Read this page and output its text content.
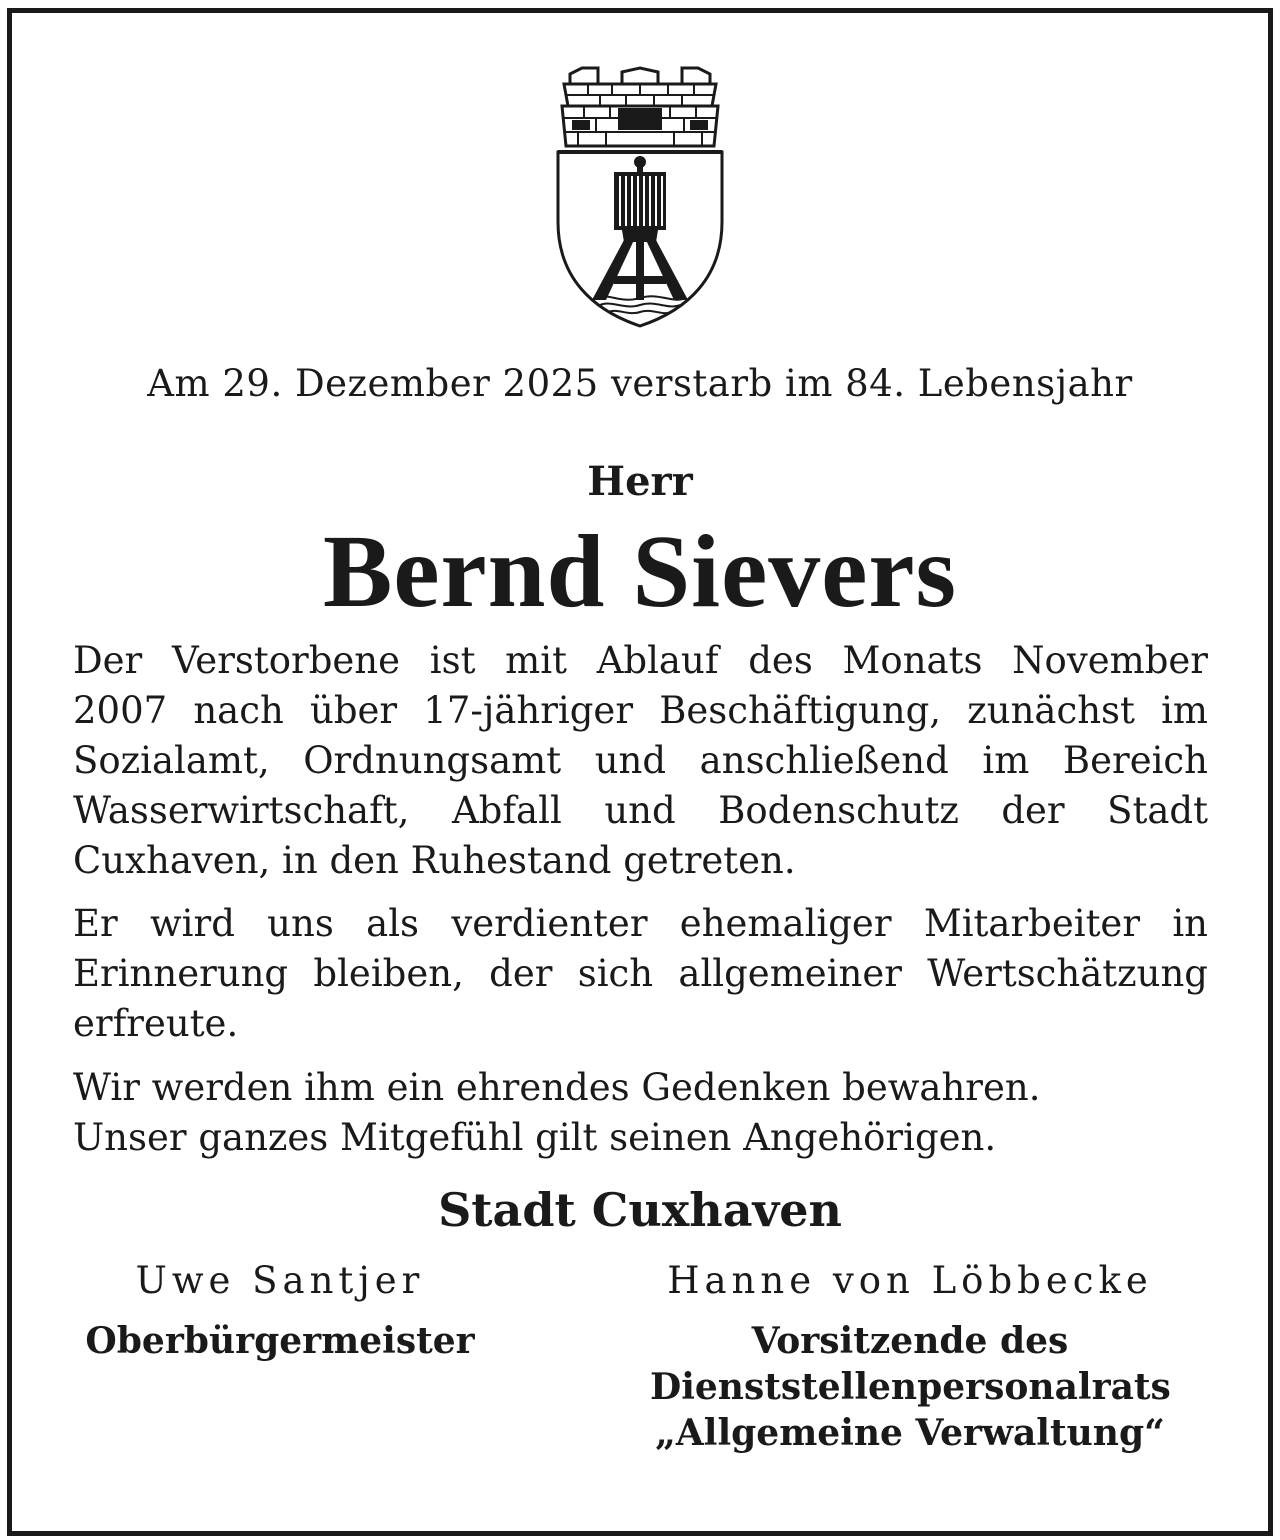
Am 29. Dezember 2025 verstarb im 84. Lebensjahr
Herr
Bernd Sievers
Der Verstorbene ist mit Ablauf des Monats November
2007 nach über 17-jähriger Beschäftigung, zunächst im
Sozialamt, Ordnungsamt und anschließend im Bereich
Wasserwirtschaft, Abfall und Bodenschutz der Stadt
Cuxhaven, in den Ruhestand getreten.
Er wird uns als verdienter ehemaliger Mitarbeiter in
Erinnerung bleiben, der sich allgemeiner Wertschätzung
erfreute.
Wir werden ihm ein ehrendes Gedenken bewahren.
Unser ganzes Mitgefühl gilt seinen Angehörigen.
Stadt Cuxhaven
Uwe Santjer
Oberbürgermeister
Hanne von Löbbecke
Vorsitzende des
Dienststellenpersonalrats
„Allgemeine Verwaltung“
